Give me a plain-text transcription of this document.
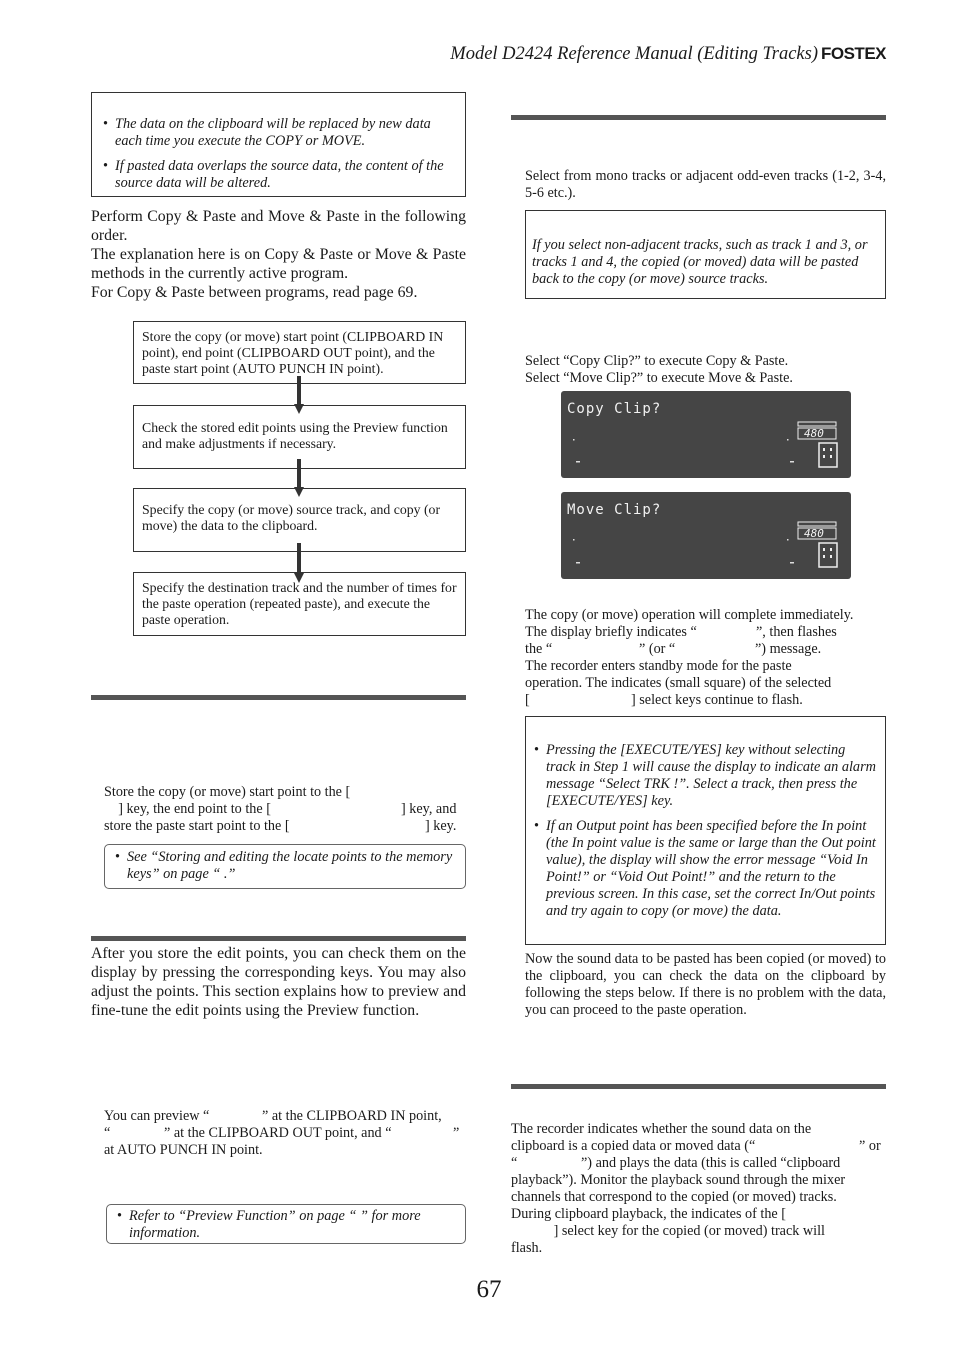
Model D2424 Reference Manual (Editing Tracks) FOSTEX
• The data on the clipboard will be replaced by new data each time you execute the COPY or MOVE.
• If pasted data overlaps the source data, the content of the source data will be altered.

Perform Copy & Paste and Move & Paste in the following order.

The explanation here is on Copy & Paste or Move & Paste methods in the currently active program.

For Copy & Paste between programs, read page 69.

Store the copy (or move) start point (CLIPBOARD IN point), end point (CLIPBOARD OUT point), and the paste start point (AUTO PUNCH IN point).
Check the stored edit points using the Preview function and make adjustments if necessary.
Specify the copy (or move) source track, and copy (or move) the data to the clipboard.
Specify the destination track and the number of times for the paste operation (repeated paste), and execute the paste operation.

Store the copy (or move) start point to the [

] key, the end point to the [	] key, and

store the paste start point to the [	] key.

• See “Storing and editing the locate points to the memory keys” on page “ .”

After you store the edit points, you can check them on the display by pressing the corresponding keys. You may also adjust the points. This section explains how to preview and fine-tune the edit points using the Preview function.

You can preview “	” at the CLIPBOARD IN point,

“	” at the CLIPBOARD OUT point, and “	”

at AUTO PUNCH IN point.

• Refer to “Preview Function” on page “ ” for more information.

Select from mono tracks or adjacent odd-even tracks (1-2, 3-4, 5-6 etc.).

If you select non-adjacent tracks, such as track 1 and 3, or tracks 1 and 4, the copied (or moved) data will be pasted back to the copy (or move) source tracks.

Select “Copy Clip?” to execute Copy & Paste.

Select “Move Clip?” to execute Move & Paste.

Copy Clip?
480
Move Clip?
480

The copy (or move) operation will complete immediately.

The display briefly indicates “	”, then flashes

the “	” (or “	”) message.

The recorder enters standby mode for the paste

operation. The indicates (small square) of the selected

[	] select keys continue to flash.

• Pressing the [EXECUTE/YES] key without selecting track in Step 1 will cause the display to indicate an alarm message “Select TRK !”. Select a track, then press the [EXECUTE/YES] key.
• If an Output point has been specified before the In point (the In point value is the same or large than the Out point value), the display will show the error message “Void In Point!” or “Void Out Point!” and the return to the previous screen. In this case, set the correct In/Out points and try again to copy (or move) the data.

Now the sound data to be pasted has been copied (or moved) to the clipboard, you can check the data on the clipboard by following the steps below. If there is no problem with the data, you can proceed to the paste operation.

The recorder indicates whether the sound data on the

clipboard is a copied data or moved data (“	” or

“	”) and plays the data (this is called “clipboard

playback”). Monitor the playback sound through the mixer

channels that correspond to the copied (or moved) tracks.

During clipboard playback, the indicates of the [

] select key for the copied (or moved) track will

flash.

67
